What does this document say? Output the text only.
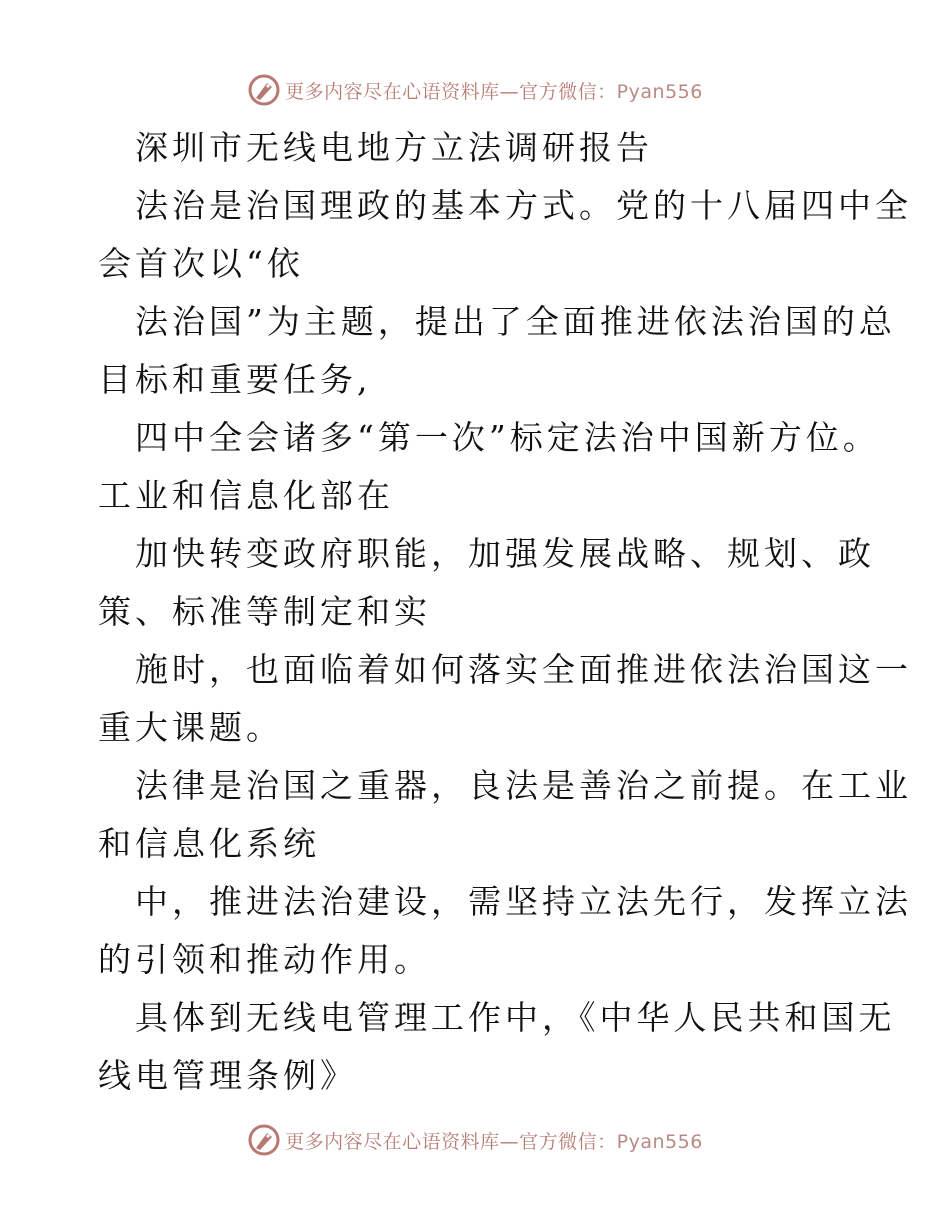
更多内容尽在心语资料库—官方微信：Pyan556
深圳市无线电地方立法调研报告
法治是治国理政的基本方式。党的十八届四中全
会首次以“依
法治国”为主题，提出了全面推进依法治国的总
目标和重要任务,
四中全会诸多“第一次”标定法治中国新方位。
工业和信息化部在
加快转变政府职能，加强发展战略、规划、政
策、标准等制定和实
施时，也面临着如何落实全面推进依法治国这一
重大课题。
法律是治国之重器，良法是善治之前提。在工业
和信息化系统
中，推进法治建设，需坚持立法先行，发挥立法
的引领和推动作用。
具体到无线电管理工作中，《中华人民共和国无
线电管理条例》
更多内容尽在心语资料库—官方微信：Pyan556
